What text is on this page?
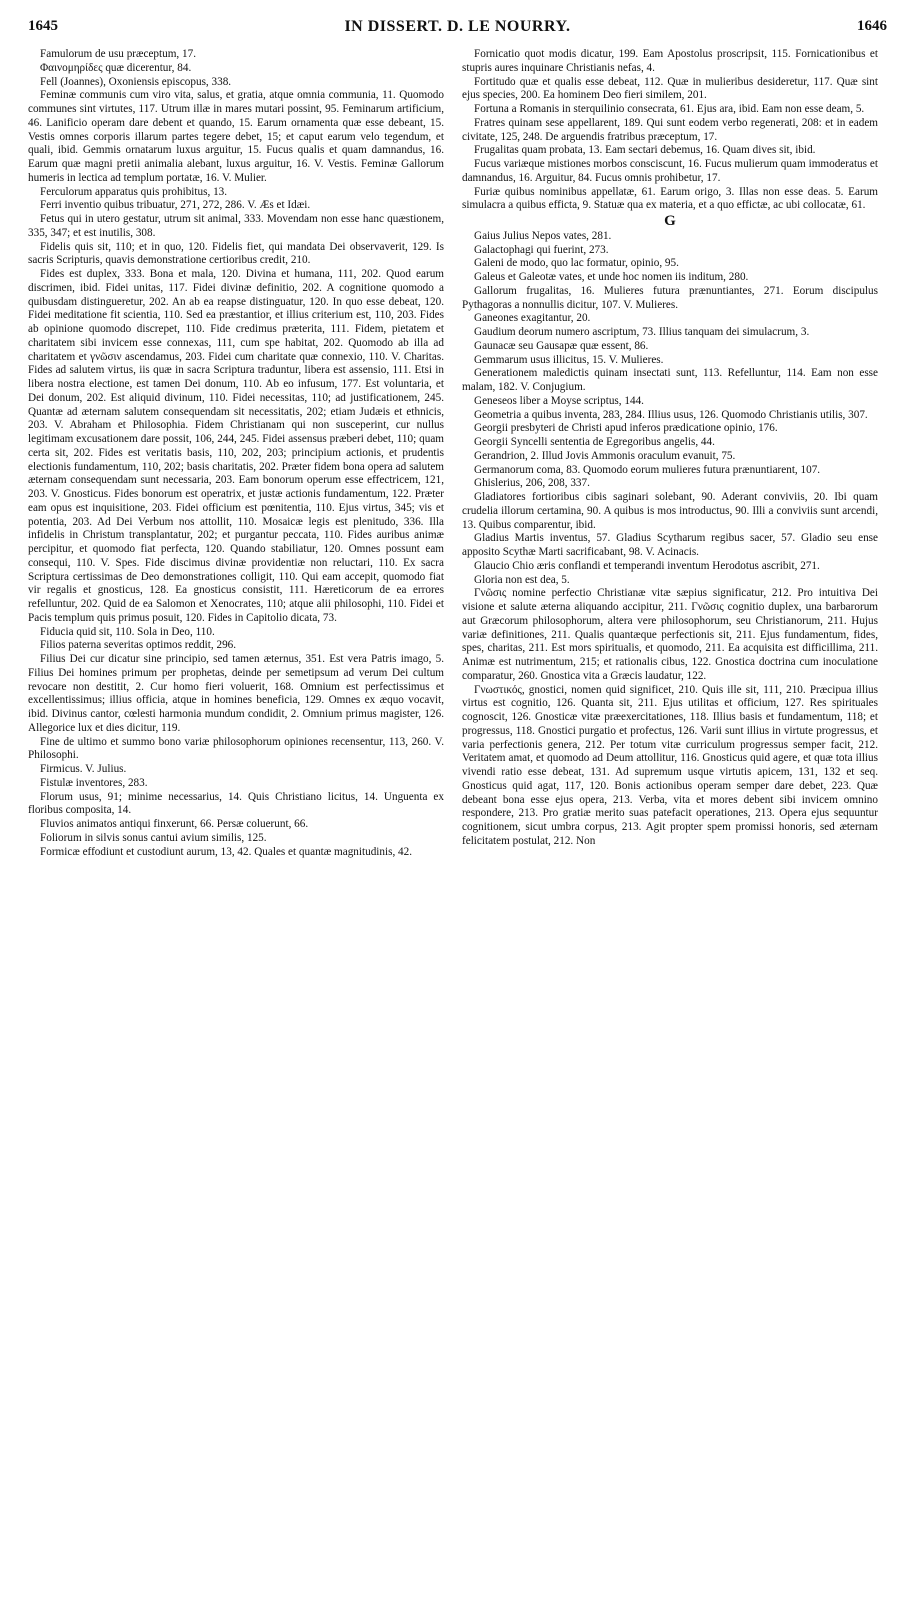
1645	IN DISSERT. D. LE NOURRY.	1646

Famulorum de usu præceptum, 17.

Φαινομηρίδες quæ dicerentur, 84.

Fell (Joannes), Oxoniensis episcopus, 338.

Feminæ communis cum viro vita, salus, et gratia, atque omnia communia, 11. Quomodo communes sint virtutes, 117. Utrum illæ in mares mutari possint, 95. Feminarum artificium, 46. Lanificio operam dare debent et quando, 15. Earum ornamenta quæ esse debeant, 15. Vestis omnes corporis illarum partes tegere debet, 15; et caput earum velo tegendum, et quali, ibid. Gemmis ornatarum luxus arguitur, 15. Fucus qualis et quam damnandus, 16. Earum quæ magni pretii animalia alebant, luxus arguitur, 16. V. Vestis. Feminæ Gallorum humeris in lectica ad templum portatæ, 16. V. Mulier.

Ferculorum apparatus quis prohibitus, 13.

Ferri inventio quibus tribuatur, 271, 272, 286. V. Æs et Idæi.

Fetus qui in utero gestatur, utrum sit animal, 333. Movendam non esse hanc quæstionem, 335, 347; et est inutilis, 308.

Fidelis quis sit, 110; et in quo, 120. Fidelis fiet, qui mandata Dei observaverit, 129. Is sacris Scripturis, quavis demonstratione certioribus credit, 210.

Fides est duplex, 333. Bona et mala, 120. Divina et humana, 111, 202. Quod earum discrimen, ibid. Fidei unitas, 117. Fidei divinæ definitio, 202. A cognitione quomodo a quibusdam distingueretur, 202. An ab ea reapse distinguatur, 120. In quo esse debeat, 120. Fidei meditatione fit scientia, 110. Sed ea præstantior, et illius criterium est, 110, 203. Fides ab opinione quomodo discrepet, 110. Fide credimus præterita, 111. Fidem, pietatem et charitatem sibi invicem esse connexas, 111, cum spe habitat, 202. Quomodo ab illa ad charitatem et γνῶσιν ascendamus, 203. Fidei cum charitate quæ connexio, 110. V. Charitas. Fides ad salutem virtus, iis quæ in sacra Scriptura traduntur, libera est assensio, 111. Etsi in libera nostra electione, est tamen Dei donum, 110. Ab eo infusum, 177. Est voluntaria, et Dei donum, 202. Est aliquid divinum, 110. Fidei necessitas, 110; ad justificationem, 245. Quantæ ad æternam salutem consequendam sit necessitatis, 202; etiam Judæis et ethnicis, 203. V. Abraham et Philosophia. Fidem Christianam qui non susceperint, cur nullus legitimam excusationem dare possit, 106, 244, 245. Fidei assensus præberi debet, 110; quam certa sit, 202. Fides est veritatis basis, 110, 202, 203; principium actionis, et prudentis electionis fundamentum, 110, 202; basis charitatis, 202. Præter fidem bona opera ad salutem æternam consequendam sunt necessaria, 203. Eam bonorum operum esse effectricem, 121, 203. V. Gnosticus. Fides bonorum est operatrix, et justæ actionis fundamentum, 122. Præter eam opus est inquisitione, 203. Fidei officium est pœnitentia, 110. Ejus virtus, 345; vis et potentia, 203. Ad Dei Verbum nos attollit, 110. Mosaicæ legis est plenitudo, 336. Illa infidelis in Christum transplantatur, 202; et purgantur peccata, 110. Fides auribus animæ percipitur, et quomodo fiat perfecta, 120. Quando stabiliatur, 120. Omnes possunt eam consequi, 110. V. Spes. Fide discimus divinæ providentiæ non reluctari, 110. Ex sacra Scriptura certissimas de Deo demonstrationes colligit, 110. Qui eam accepit, quomodo fiat vir regalis et gnosticus, 128. Ea gnosticus consistit, 111. Hæreticorum de ea errores refelluntur, 202. Quid de ea Salomon et Xenocrates, 110; atque alii philosophi, 110. Fidei et Pacis templum quis primus posuit, 120. Fides in Capitolio dicata, 73.

Fiducia quid sit, 110. Sola in Deo, 110.

Filios paterna severitas optimos reddit, 296.

Filius Dei cur dicatur sine principio, sed tamen æternus, 351. Est vera Patris imago, 5. Filius Dei homines primum per prophetas, deinde per semetipsum ad verum Dei cultum revocare non destitit, 2. Cur homo fieri voluerit, 168. Omnium est perfectissimus et excellentissimus; illius officia, atque in homines beneficia, 129. Omnes ex æquo vocavit, ibid. Divinus cantor, cœlesti harmonia mundum condidit, 2. Omnium primus magister, 126. Allegorice lux et dies dicitur, 119.

Fine de ultimo et summo bono variæ philosophorum opiniones recensentur, 113, 260. V. Philosophi.

Firmicus. V. Julius.

Fistulæ inventores, 283.

Florum usus, 91; minime necessarius, 14. Quis Christiano licitus, 14. Unguenta ex floribus composita, 14.

Fluvios animatos antiqui finxerunt, 66. Persæ coluerunt, 66.

Foliorum in silvis sonus cantui avium similis, 125.

Formicæ effodiunt et custodiunt aurum, 13, 42. Quales et quantæ magnitudinis, 42.

Fornicatio quot modis dicatur, 199. Eam Apostolus proscripsit, 115. Fornicationibus et stupris aures inquinare Christianis nefas, 4.

Fortitudo quæ et qualis esse debeat, 112. Quæ in mulieribus desideretur, 117. Quæ sint ejus species, 200. Ea hominem Deo fieri similem, 201.

Fortuna a Romanis in sterquilinio consecrata, 61. Ejus ara, ibid. Eam non esse deam, 5.

Fratres quinam sese appellarent, 189. Qui sunt eodem verbo regenerati, 208: et in eadem civitate, 125, 248. De arguendis fratribus præceptum, 17.

Frugalitas quam probata, 13. Eam sectari debemus, 16. Quam dives sit, ibid.

Fucus variæque mistiones morbos consciscunt, 16. Fucus mulierum quam immoderatus et damnandus, 16. Arguitur, 84. Fucus omnis prohibetur, 17.

Furiæ quibus nominibus appellatæ, 61. Earum origo, 3. Illas non esse deas. 5. Earum simulacra a quibus efficta, 9. Statuæ qua ex materia, et a quo effictæ, ac ubi collocatæ, 61.

G

Gaius Julius Nepos vates, 281.

Galactophagi qui fuerint, 273.

Galeni de modo, quo lac formatur, opinio, 95.

Galeus et Galeotæ vates, et unde hoc nomen iis inditum, 280.

Gallorum frugalitas, 16. Mulieres futura prænuntiantes, 271. Eorum discipulus Pythagoras a nonnullis dicitur, 107. V. Mulieres.

Ganeones exagitantur, 20.

Gaudium deorum numero ascriptum, 73. Illius tanquam dei simulacrum, 3.

Gaunacæ seu Gausapæ quæ essent, 86.

Gemmarum usus illicitus, 15. V. Mulieres.

Generationem maledictis quinam insectati sunt, 113. Refelluntur, 114. Eam non esse malam, 182. V. Conjugium.

Geneseos liber a Moyse scriptus, 144.

Geometria a quibus inventa, 283, 284. Illius usus, 126. Quomodo Christianis utilis, 307.

Georgii presbyteri de Christi apud inferos prædicatione opinio, 176.

Georgii Syncelli sententia de Egregoribus angelis, 44.

Gerandrion, 2. Illud Jovis Ammonis oraculum evanuit, 75.

Germanorum coma, 83. Quomodo eorum mulieres futura prænuntiarent, 107.

Ghislerius, 206, 208, 337.

Gladiatores fortioribus cibis saginari solebant, 90. Aderant conviviis, 20. Ibi quam crudelia illorum certamina, 90. A quibus is mos introductus, 90. Illi a conviviis sunt arcendi, 13. Quibus comparentur, ibid.

Gladius Martis inventus, 57. Gladius Scytharum regibus sacer, 57. Gladio seu ense apposito Scythæ Marti sacrificabant, 98. V. Acinacis.

Glaucio Chio æris conflandi et temperandi inventum Herodotus ascribit, 271.

Gloria non est dea, 5.

Γνῶσις nomine perfectio Christianæ vitæ sæpius significatur, 212. Pro intuitiva Dei visione et salute æterna aliquando accipitur, 211. Γνῶσις cognitio duplex, una barbarorum aut Græcorum philosophorum, altera vere philosophorum, seu Christianorum, 211. Hujus variæ definitiones, 211. Qualis quantæque perfectionis sit, 211. Ejus fundamentum, fides, spes, charitas, 211. Est mors spiritualis, et quomodo, 211. Ea acquisita est difficillima, 211. Animæ est nutrimentum, 215; et rationalis cibus, 122. Gnostica doctrina cum inoculatione comparatur, 260. Gnostica vita a Græcis laudatur, 122.

Γνωστικός, gnostici, nomen quid significet, 210. Quis ille sit, 111, 210. Præcipua illius virtus est cognitio, 126. Quanta sit, 211. Ejus utilitas et officium, 127. Res spirituales cognoscit, 126. Gnosticæ vitæ præexercitationes, 118. Illius basis et fundamentum, 118; et progressus, 118. Gnostici purgatio et profectus, 126. Varii sunt illius in virtute progressus, et varia perfectionis genera, 212. Per totum vitæ curriculum progressus semper facit, 212. Veritatem amat, et quomodo ad Deum attollitur, 116. Gnosticus quid agere, et quæ tota illius vivendi ratio esse debeat, 131. Ad supremum usque virtutis apicem, 131, 132 et seq. Gnosticus quid agat, 117, 120. Bonis actionibus operam semper dare debet, 223. Quæ debeant bona esse ejus opera, 213. Verba, vita et mores debent sibi invicem omnino respondere, 213. Pro gratiæ merito suas patefacit operationes, 213. Opera ejus sequuntur cognitionem, sicut umbra corpus, 213. Agit propter spem promissi honoris, sed æternam felicitatem postulat, 212. Non
